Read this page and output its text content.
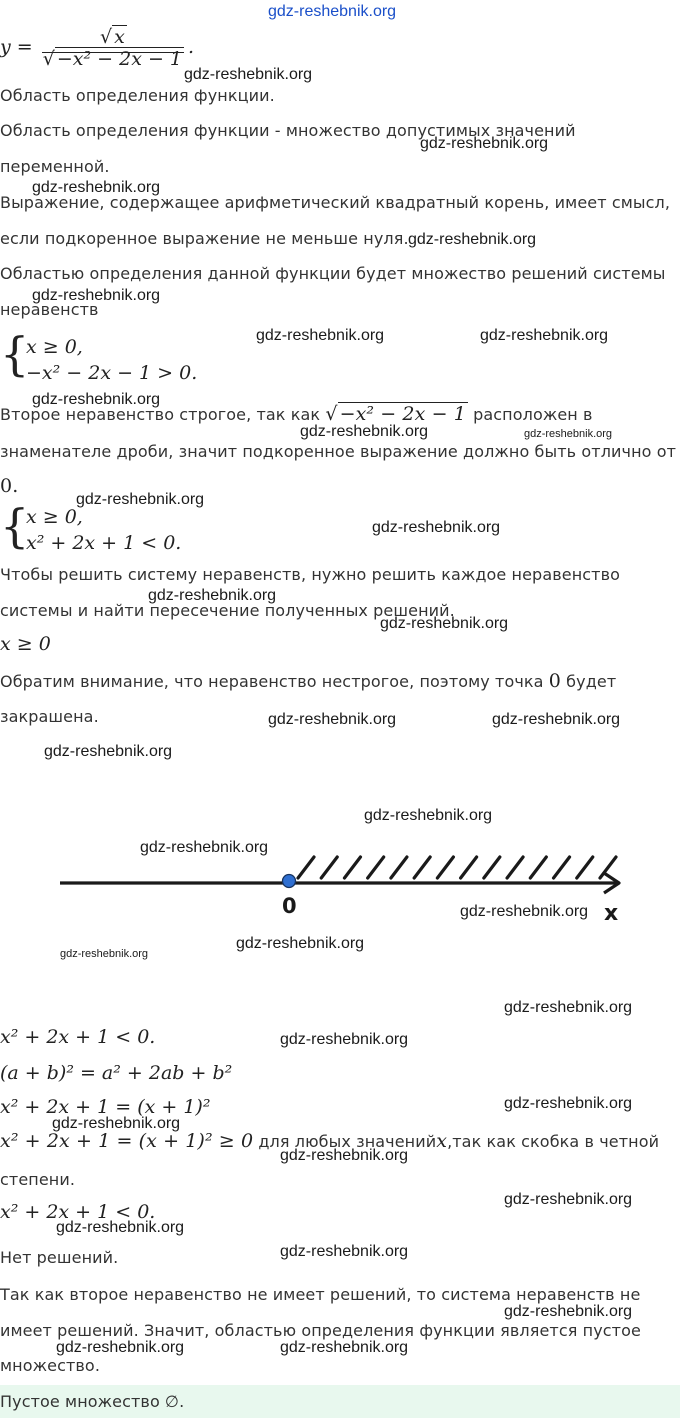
gdz-reshebnik.org
y =	√ x
√ −x² − 2x − 1
.
Область определения функции.
Область определения функции - множество допустимых значений
переменной.
Выражение, содержащее арифметический квадратный корень, имеет смысл,
если подкоренное выражение не меньше нуля.
Областью определения данной функции будет множество решений системы
неравенств
{
x ≥ 0,
−x² − 2x − 1 > 0.
Второе неравенство строгое, так как √ −x² − 2x − 1 расположен в
знаменателе дроби, значит подкоренное выражение должно быть отлично от
0.
{
x ≥ 0,
x² + 2x + 1 < 0.
Чтобы решить систему неравенств, нужно решить каждое неравенство
системы и найти пересечение полученных решений.
x ≥ 0
Обратим внимание, что неравенство нестрогое, поэтому точка 0 будет
закрашена.
0	x
x² + 2x + 1 < 0.
(a + b)² = a² + 2ab + b²
x² + 2x + 1 = (x + 1)²
x² + 2x + 1 = (x + 1)² ≥ 0 для любых значенийx,так как скобка в четной
степени.
x² + 2x + 1 < 0.
Нет решений.
Так как второе неравенство не имеет решений, то система неравенств не
имеет решений. Значит, областью определения функции является пустое
множество.
Пустое множество ∅.
gdz-reshebnik.org
gdz-reshebnik.org
gdz-reshebnik.org
gdz-reshebnik.org
gdz-reshebnik.org
gdz-reshebnik.org	gdz-reshebnik.org
gdz-reshebnik.org
gdz-reshebnik.org	gdz-reshebnik.org
gdz-reshebnik.org
gdz-reshebnik.org
gdz-reshebnik.org
gdz-reshebnik.org
gdz-reshebnik.org	gdz-reshebnik.org
gdz-reshebnik.org
gdz-reshebnik.org
gdz-reshebnik.org
gdz-reshebnik.org
gdz-reshebnik.org
gdz-reshebnik.org
gdz-reshebnik.org
gdz-reshebnik.org
gdz-reshebnik.org
gdz-reshebnik.org
gdz-reshebnik.org
gdz-reshebnik.org
gdz-reshebnik.org
gdz-reshebnik.org
gdz-reshebnik.org
gdz-reshebnik.org	gdz-reshebnik.org
